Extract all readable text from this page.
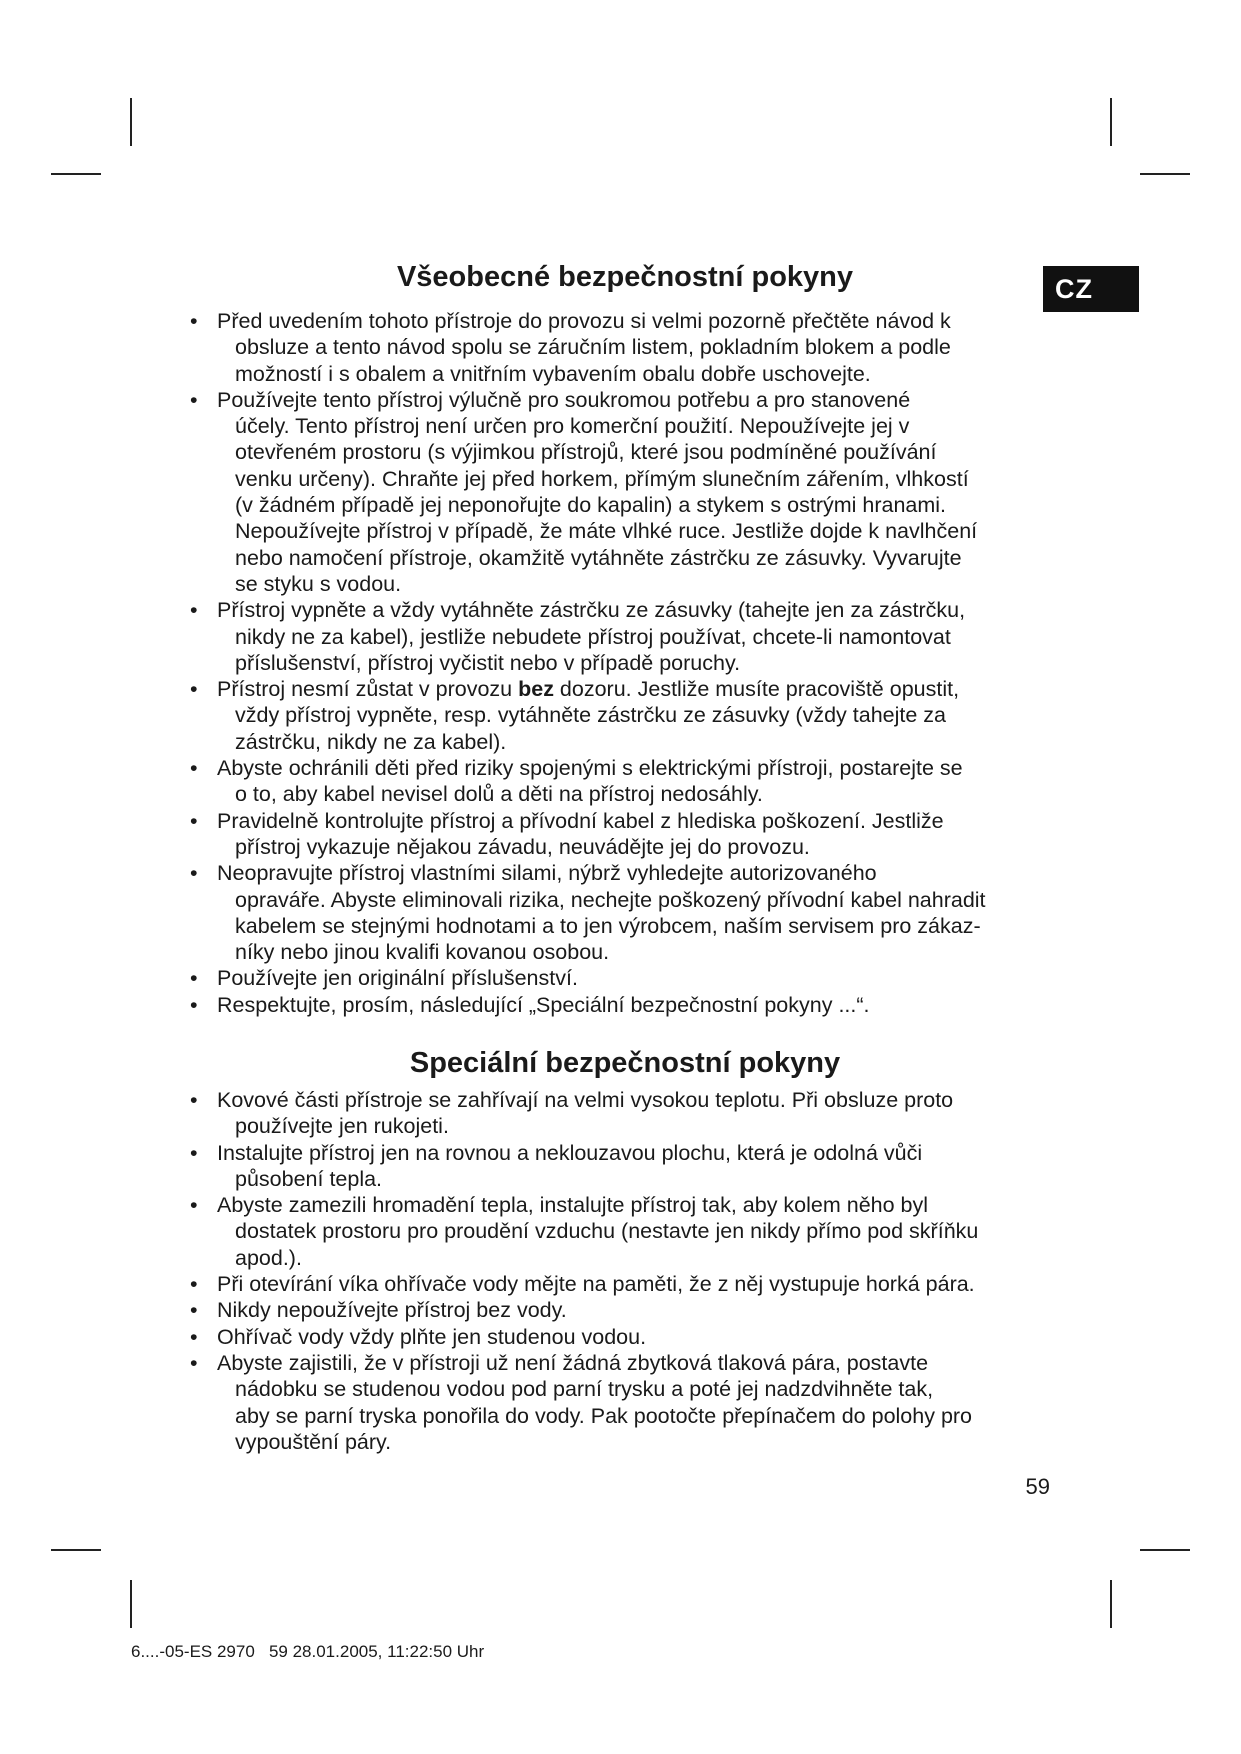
CZ
Všeobecné bezpečnostní pokyny
• Před uvedením tohoto přístroje do provozu si velmi pozorně přečtěte návod k
obsluze a tento návod spolu se záručním listem, pokladním blokem a podle
možností i s obalem a vnitřním vybavením obalu dobře uschovejte.
• Používejte tento přístroj výlučně pro soukromou potřebu a pro stanovené
účely. Tento přístroj není určen pro komerční použití. Nepoužívejte jej v
otevřeném prostoru (s výjimkou přístrojů, které jsou podmíněné používání
venku určeny). Chraňte jej před horkem, přímým slunečním zářením, vlhkostí
(v žádném případě jej neponořujte do kapalin) a stykem s ostrými hranami.
Nepoužívejte přístroj v případě, že máte vlhké ruce. Jestliže dojde k navlhčení
nebo namočení přístroje, okamžitě vytáhněte zástrčku ze zásuvky. Vyvarujte
se styku s vodou.
• Přístroj vypněte a vždy vytáhněte zástrčku ze zásuvky (tahejte jen za zástrčku,
nikdy ne za kabel), jestliže nebudete přístroj používat, chcete-li namontovat
příslušenství, přístroj vyčistit nebo v případě poruchy.
• Přístroj nesmí zůstat v provozu bez dozoru. Jestliže musíte pracoviště opustit,
vždy přístroj vypněte, resp. vytáhněte zástrčku ze zásuvky (vždy tahejte za
zástrčku, nikdy ne za kabel).
• Abyste ochránili děti před riziky spojenými s elektrickými přístroji, postarejte se
o to, aby kabel nevisel dolů a děti na přístroj nedosáhly.
• Pravidelně kontrolujte přístroj a přívodní kabel z hlediska poškození. Jestliže
přístroj vykazuje nějakou závadu, neuvádějte jej do provozu.
• Neopravujte přístroj vlastními silami, nýbrž vyhledejte autorizovaného
opraváře. Abyste eliminovali rizika, nechejte poškozený přívodní kabel nahradit
kabelem se stejnými hodnotami a to jen výrobcem, naším servisem pro zákaz-
níky nebo jinou kvalifi kovanou osobou.
• Používejte jen originální příslušenství.
• Respektujte, prosím, následující „Speciální bezpečnostní pokyny ...“.
Speciální bezpečnostní pokyny
• Kovové části přístroje se zahřívají na velmi vysokou teplotu. Při obsluze proto
používejte jen rukojeti.
• Instalujte přístroj jen na rovnou a neklouzavou plochu, která je odolná vůči
působení tepla.
• Abyste zamezili hromadění tepla, instalujte přístroj tak, aby kolem něho byl
dostatek prostoru pro proudění vzduchu (nestavte jen nikdy přímo pod skříňku
apod.).
• Při otevírání víka ohřívače vody mějte na paměti, že z něj vystupuje horká pára.
• Nikdy nepoužívejte přístroj bez vody.
• Ohřívač vody vždy plňte jen studenou vodou.
• Abyste zajistili, že v přístroji už není žádná zbytková tlaková pára, postavte
nádobku se studenou vodou pod parní trysku a poté jej nadzdvihněte tak,
aby se parní tryska ponořila do vody. Pak pootočte přepínačem do polohy pro
vypouštění páry.
59
6....-05-ES 2970   59 28.01.2005, 11:22:50 Uhr
